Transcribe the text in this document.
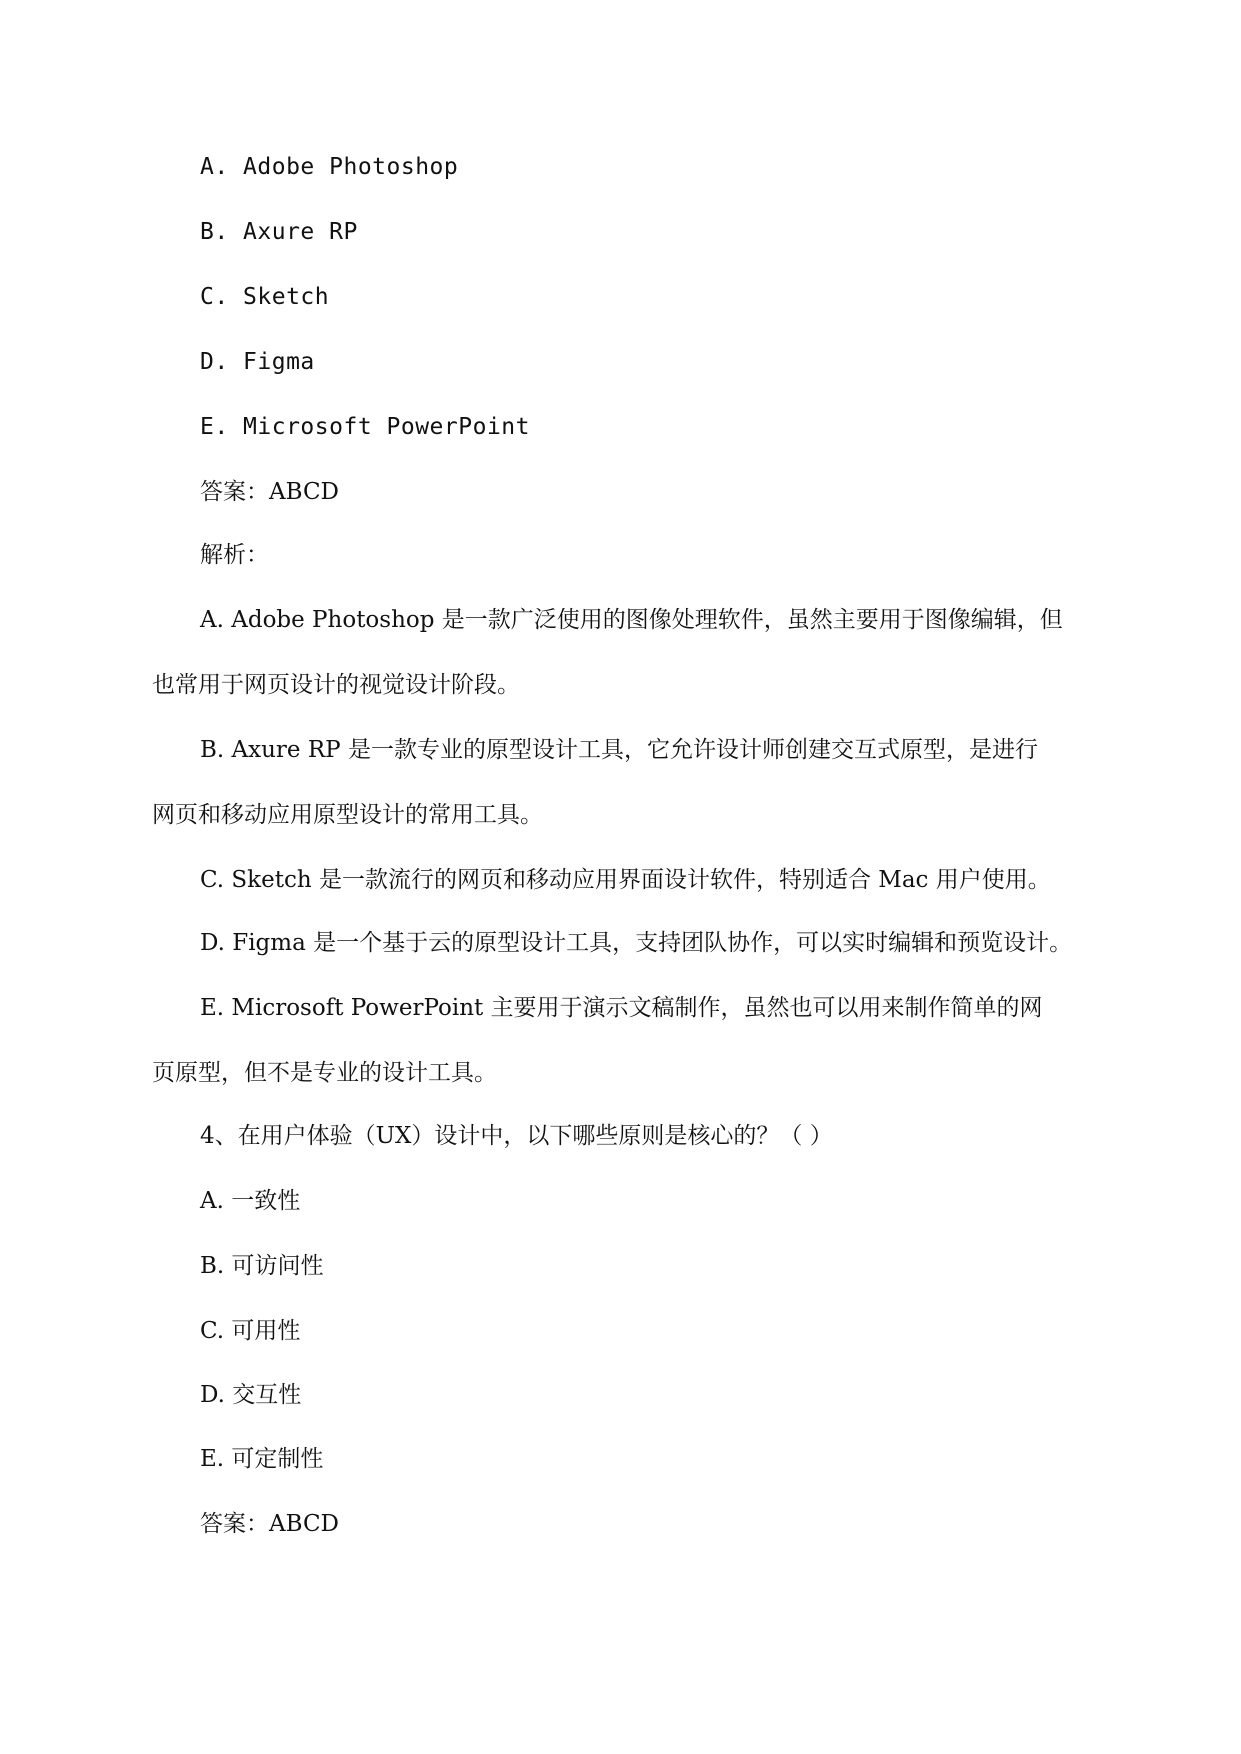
A. Adobe Photoshop
B. Axure RP
C. Sketch
D. Figma
E. Microsoft PowerPoint
答案：ABCD
解析：
A. Adobe Photoshop 是一款广泛使用的图像处理软件，虽然主要用于图像编辑，但
也常用于网页设计的视觉设计阶段。
B. Axure RP 是一款专业的原型设计工具，它允许设计师创建交互式原型，是进行
网页和移动应用原型设计的常用工具。
C. Sketch 是一款流行的网页和移动应用界面设计软件，特别适合 Mac 用户使用。
D. Figma 是一个基于云的原型设计工具，支持团队协作，可以实时编辑和预览设计。
E. Microsoft PowerPoint 主要用于演示文稿制作，虽然也可以用来制作简单的网
页原型，但不是专业的设计工具。
4、在用户体验（UX）设计中，以下哪些原则是核心的？（ ）
A. 一致性
B. 可访问性
C. 可用性
D. 交互性
E. 可定制性
答案：ABCD
